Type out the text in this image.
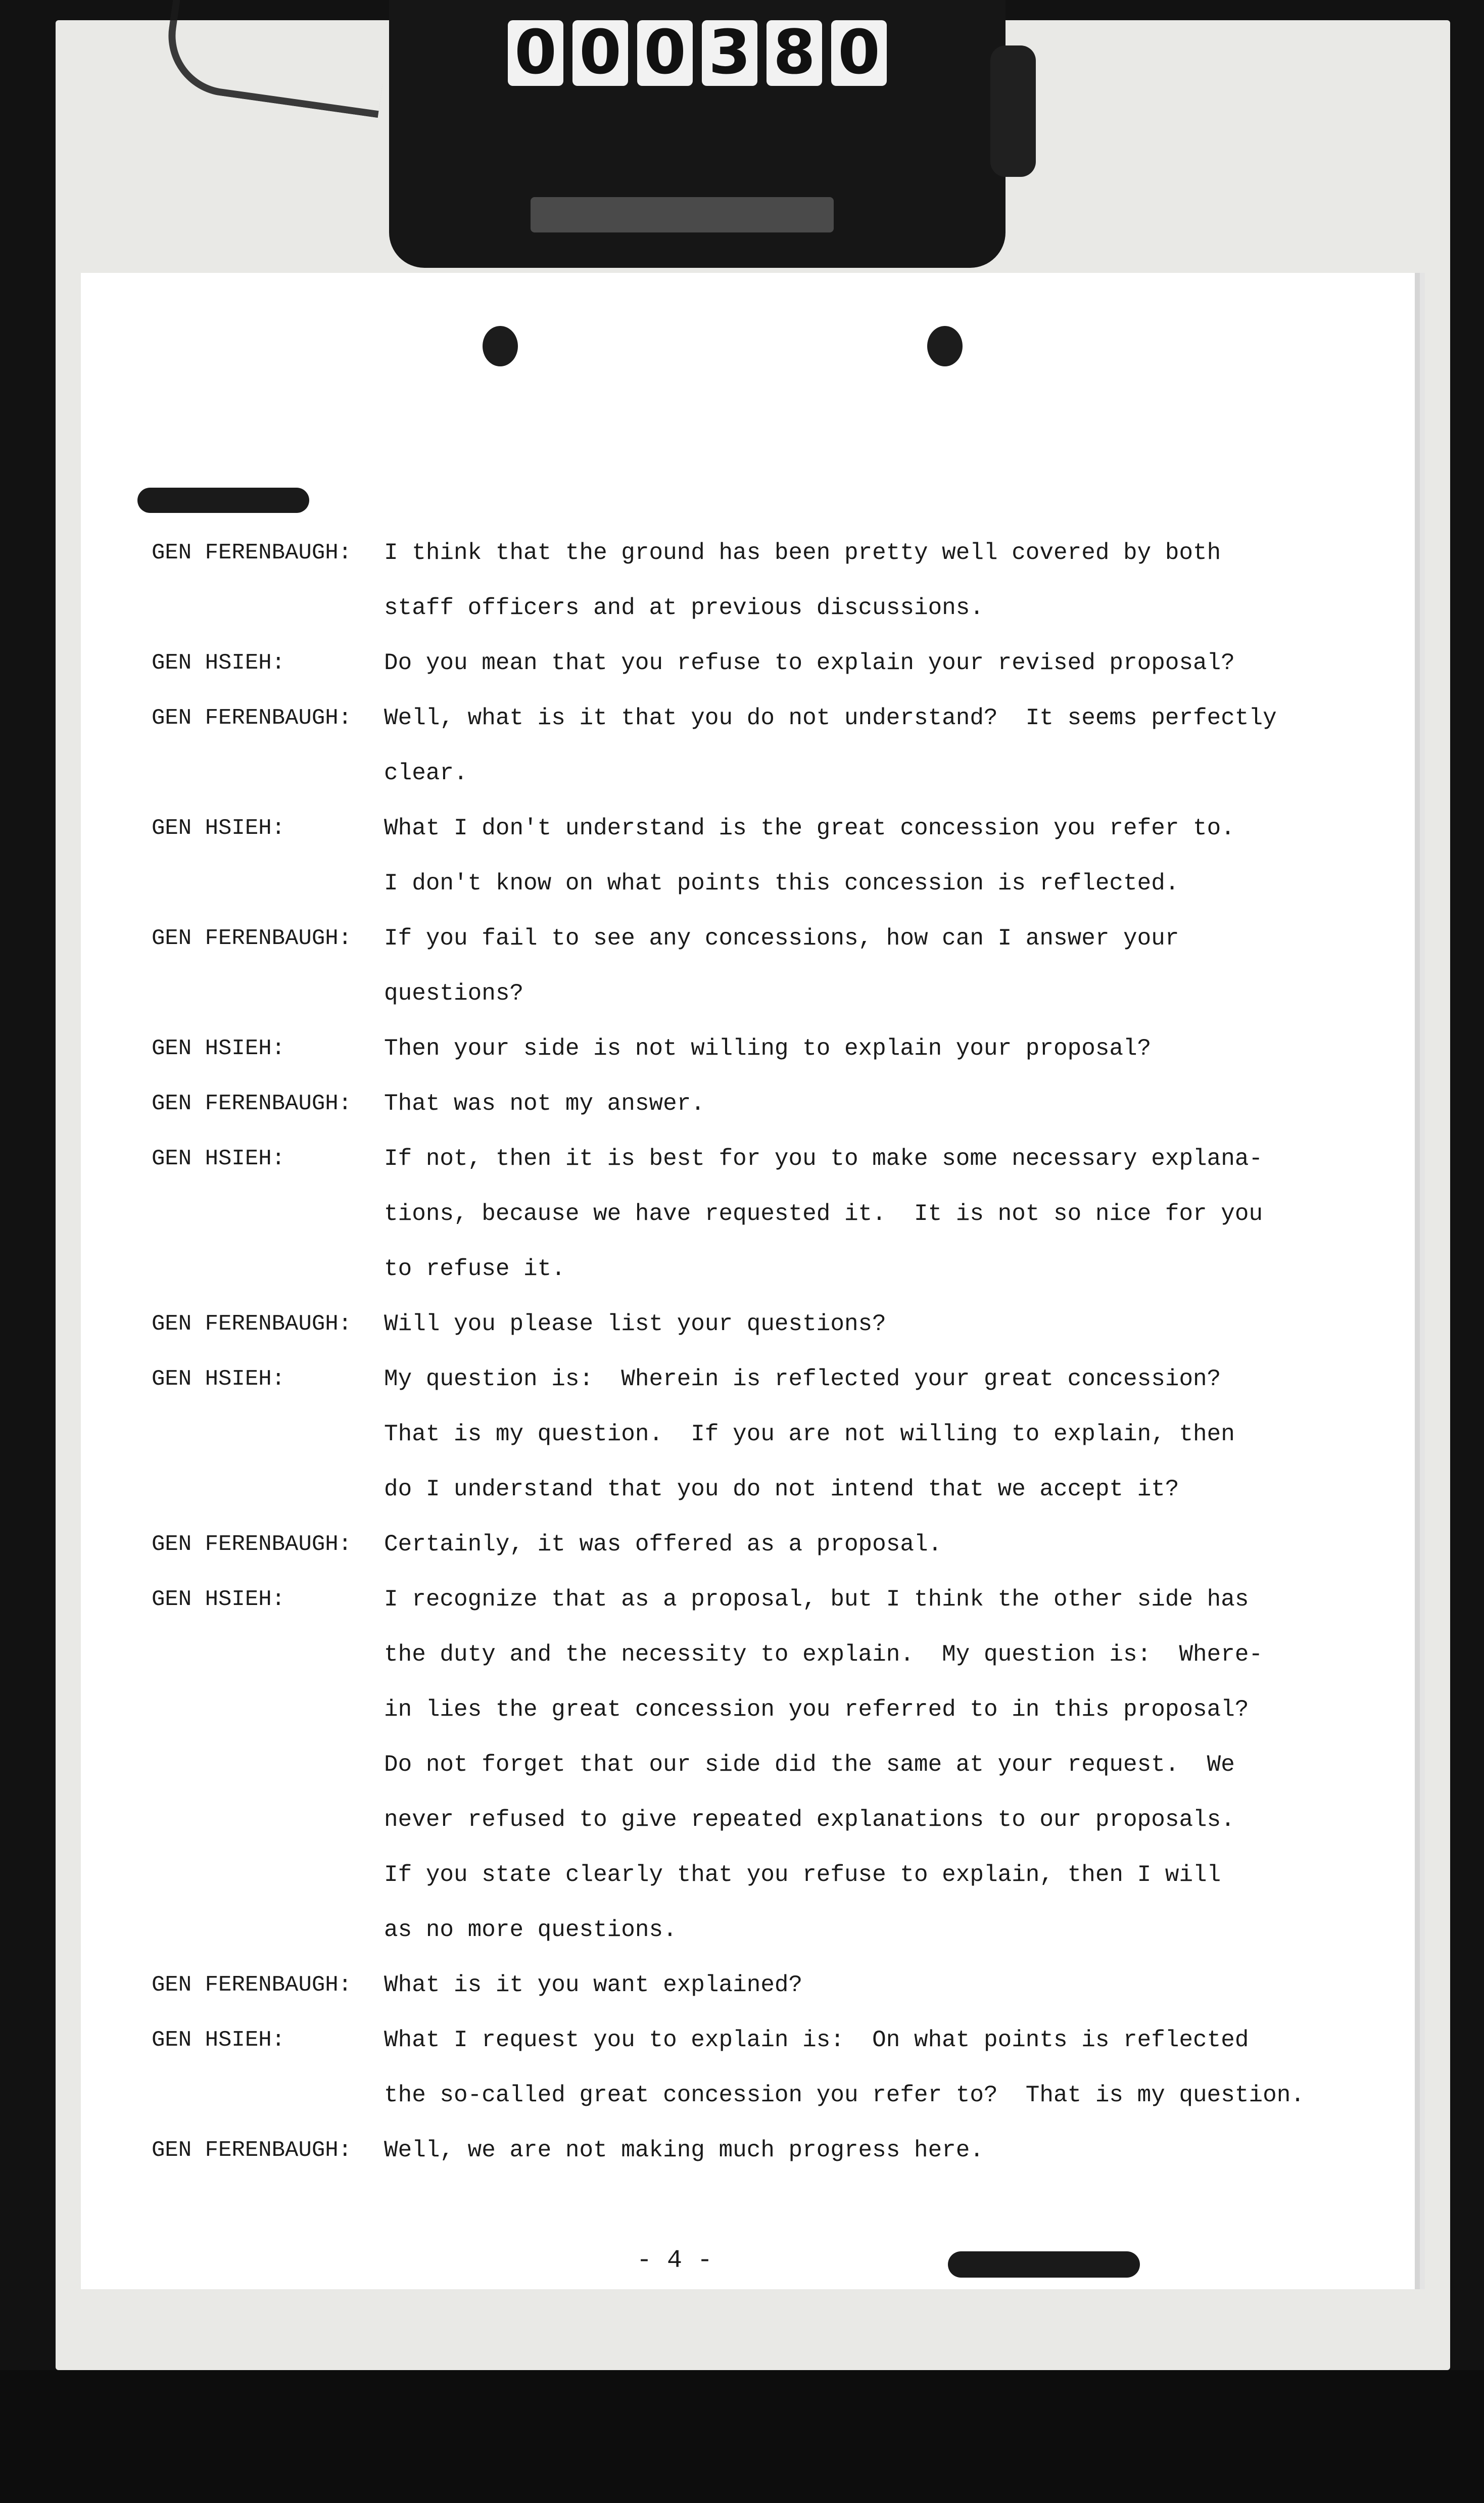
0 0 0 3 8 0
GEN FERENBAUGH:	I think that the ground has been pretty well covered by both
staff officers and at previous discussions.
GEN HSIEH:	Do you mean that you refuse to explain your revised proposal?
GEN FERENBAUGH:	Well, what is it that you do not understand?  It seems perfectly
clear.
GEN HSIEH:	What I don't understand is the great concession you refer to.
I don't know on what points this concession is reflected.
GEN FERENBAUGH:	If you fail to see any concessions, how can I answer your
questions?
GEN HSIEH:	Then your side is not willing to explain your proposal?
GEN FERENBAUGH:	That was not my answer.
GEN HSIEH:	If not, then it is best for you to make some necessary explana-
tions, because we have requested it.  It is not so nice for you
to refuse it.
GEN FERENBAUGH:	Will you please list your questions?
GEN HSIEH:	My question is:  Wherein is reflected your great concession?
That is my question.  If you are not willing to explain, then
do I understand that you do not intend that we accept it?
GEN FERENBAUGH:	Certainly, it was offered as a proposal.
GEN HSIEH:	I recognize that as a proposal, but I think the other side has
the duty and the necessity to explain.  My question is:  Where-
in lies the great concession you referred to in this proposal?
Do not forget that our side did the same at your request.  We
never refused to give repeated explanations to our proposals.
If you state clearly that you refuse to explain, then I will
as no more questions.
GEN FERENBAUGH:	What is it you want explained?
GEN HSIEH:	What I request you to explain is:  On what points is reflected
the so-called great concession you refer to?  That is my question.
GEN FERENBAUGH:	Well, we are not making much progress here.
- 4 -
